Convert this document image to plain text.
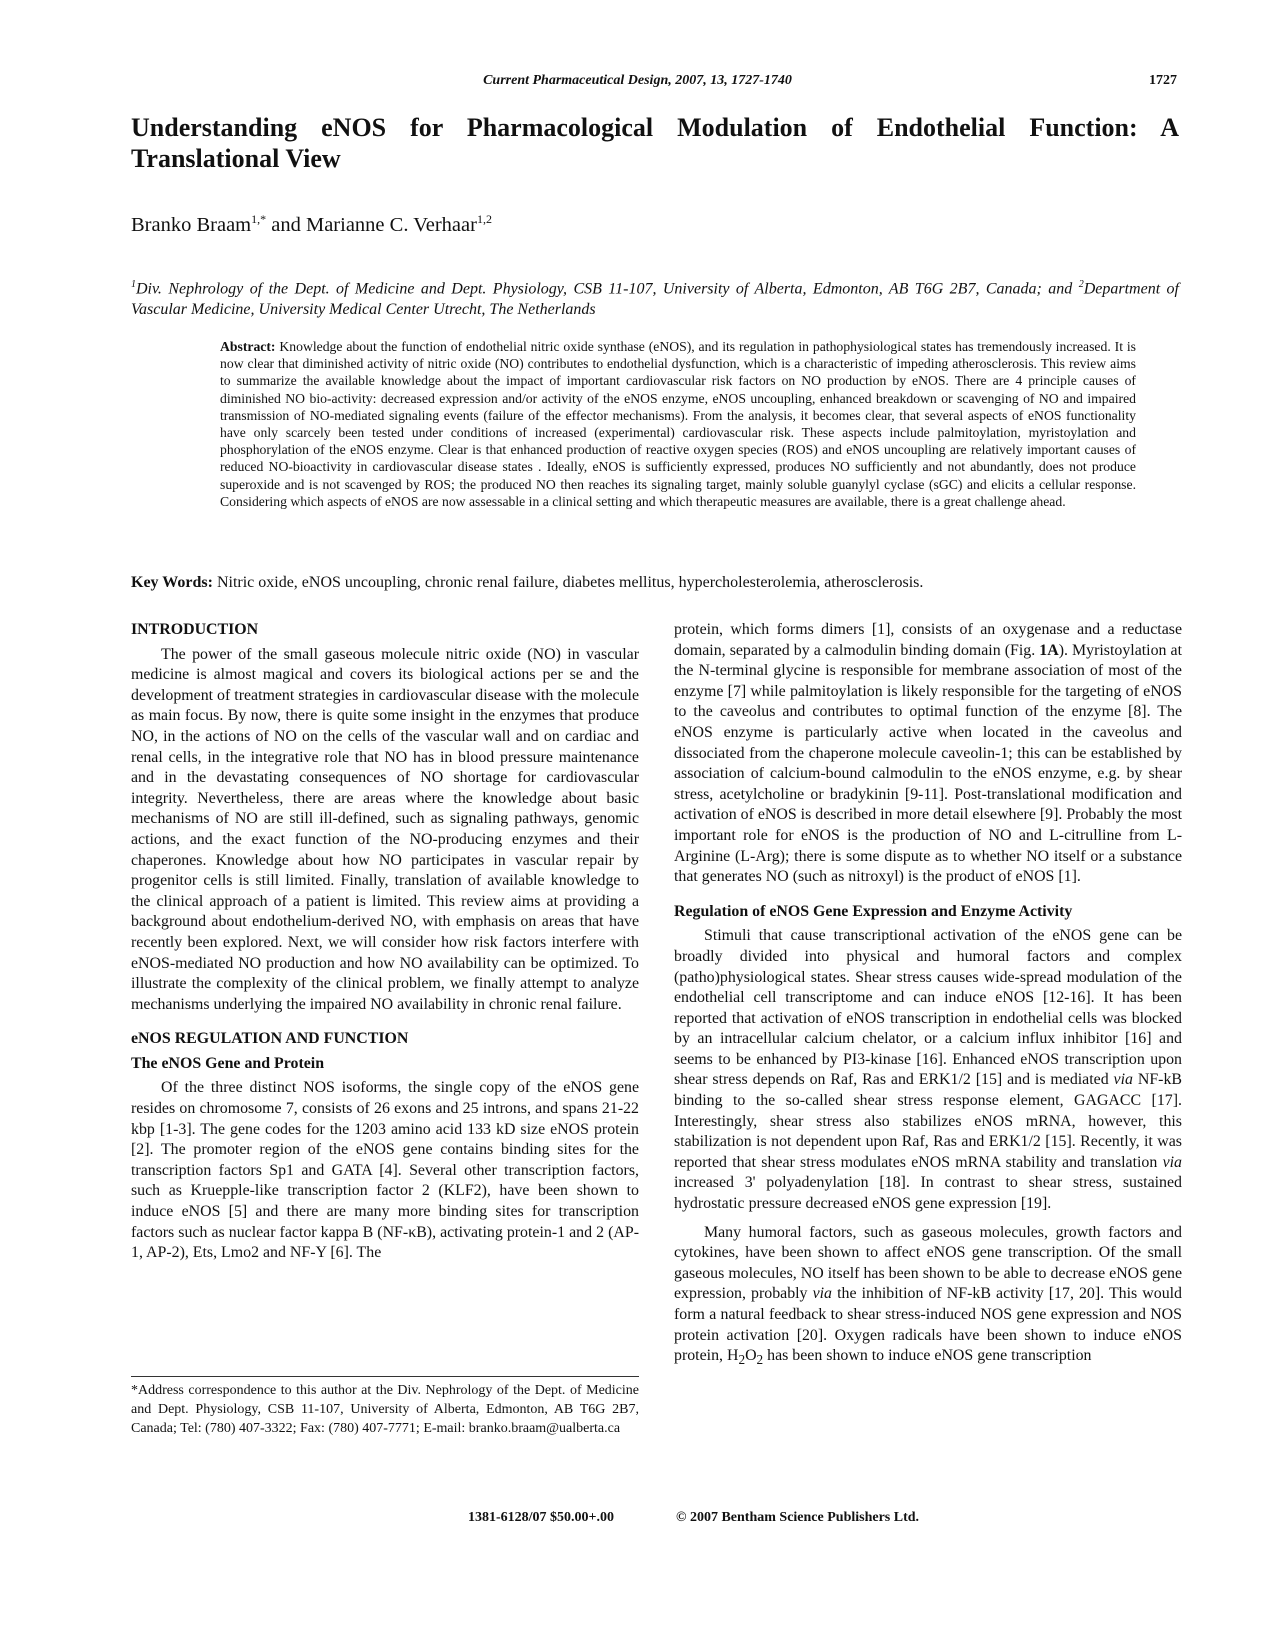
Current Pharmaceutical Design, 2007, 13, 1727-1740	1727
Understanding eNOS for Pharmacological Modulation of Endothelial Function: A Translational View
Branko Braam$^{1,*}$ and Marianne C. Verhaar$^{1,2}$
$^1$Div. Nephrology of the Dept. of Medicine and Dept. Physiology, CSB 11-107, University of Alberta, Edmonton, AB T6G 2B7, Canada; and $^2$Department of Vascular Medicine, University Medical Center Utrecht, The Netherlands
Abstract: Knowledge about the function of endothelial nitric oxide synthase (eNOS), and its regulation in pathophysiological states has tremendously increased. It is now clear that diminished activity of nitric oxide (NO) contributes to endothelial dysfunction, which is a characteristic of impeding atherosclerosis. This review aims to summarize the available knowledge about the impact of important cardiovascular risk factors on NO production by eNOS. There are 4 principle causes of diminished NO bio-activity: decreased expression and/or activity of the eNOS enzyme, eNOS uncoupling, enhanced breakdown or scavenging of NO and impaired transmission of NO-mediated signaling events (failure of the effector mechanisms). From the analysis, it becomes clear, that several aspects of eNOS functionality have only scarcely been tested under conditions of increased (experimental) cardiovascular risk. These aspects include palmitoylation, myristoylation and phosphorylation of the eNOS enzyme. Clear is that enhanced production of reactive oxygen species (ROS) and eNOS uncoupling are relatively important causes of reduced NO-bioactivity in cardiovascular disease states . Ideally, eNOS is sufficiently expressed, produces NO sufficiently and not abundantly, does not produce superoxide and is not scavenged by ROS; the produced NO then reaches its signaling target, mainly soluble guanylyl cyclase (sGC) and elicits a cellular response. Considering which aspects of eNOS are now assessable in a clinical setting and which therapeutic measures are available, there is a great challenge ahead.
Key Words: Nitric oxide, eNOS uncoupling, chronic renal failure, diabetes mellitus, hypercholesterolemia, atherosclerosis.
INTRODUCTION

The power of the small gaseous molecule nitric oxide (NO) in vascular medicine is almost magical and covers its biological actions per se and the development of treatment strategies in cardiovascular disease with the molecule as main focus. By now, there is quite some insight in the enzymes that produce NO, in the actions of NO on the cells of the vascular wall and on cardiac and renal cells, in the integrative role that NO has in blood pressure maintenance and in the devastating consequences of NO shortage for cardiovascular integrity. Nevertheless, there are areas where the knowledge about basic mechanisms of NO are still ill-defined, such as signaling pathways, genomic actions, and the exact function of the NO-producing enzymes and their chaperones. Knowledge about how NO participates in vascular repair by progenitor cells is still limited. Finally, translation of available knowledge to the clinical approach of a patient is limited. This review aims at providing a background about endothelium-derived NO, with emphasis on areas that have recently been explored. Next, we will consider how risk factors interfere with eNOS-mediated NO production and how NO availability can be optimized. To illustrate the complexity of the clinical problem, we finally attempt to analyze mechanisms underlying the impaired NO availability in chronic renal failure.

eNOS REGULATION AND FUNCTION
The eNOS Gene and Protein

Of the three distinct NOS isoforms, the single copy of the eNOS gene resides on chromosome 7, consists of 26 exons and 25 introns, and spans 21-22 kbp [1-3]. The gene codes for the 1203 amino acid 133 kD size eNOS protein [2]. The promoter region of the eNOS gene contains binding sites for the transcription factors Sp1 and GATA [4]. Several other transcription factors, such as Kruepple-like transcription factor 2 (KLF2), have been shown to induce eNOS [5] and there are many more binding sites for transcription factors such as nuclear factor kappa B (NF-κB), activating protein-1 and 2 (AP-1, AP-2), Ets, Lmo2 and NF-Y [6]. The

*Address correspondence to this author at the Div. Nephrology of the Dept. of Medicine and Dept. Physiology, CSB 11-107, University of Alberta, Edmonton, AB T6G 2B7, Canada; Tel: (780) 407-3322; Fax: (780) 407-7771; E-mail: branko.braam@ualberta.ca

protein, which forms dimers [1], consists of an oxygenase and a reductase domain, separated by a calmodulin binding domain (Fig. 1A). Myristoylation at the N-terminal glycine is responsible for membrane association of most of the enzyme [7] while palmitoylation is likely responsible for the targeting of eNOS to the caveolus and contributes to optimal function of the enzyme [8]. The eNOS enzyme is particularly active when located in the caveolus and dissociated from the chaperone molecule caveolin-1; this can be established by association of calcium-bound calmodulin to the eNOS enzyme, e.g. by shear stress, acetylcholine or bradykinin [9-11]. Post-translational modification and activation of eNOS is described in more detail elsewhere [9]. Probably the most important role for eNOS is the production of NO and L-citrulline from L-Arginine (L-Arg); there is some dispute as to whether NO itself or a substance that generates NO (such as nitroxyl) is the product of eNOS [1].

Regulation of eNOS Gene Expression and Enzyme Activity

Stimuli that cause transcriptional activation of the eNOS gene can be broadly divided into physical and humoral factors and complex (patho)physiological states. Shear stress causes wide-spread modulation of the endothelial cell transcriptome and can induce eNOS [12-16]. It has been reported that activation of eNOS transcription in endothelial cells was blocked by an intracellular calcium chelator, or a calcium influx inhibitor [16] and seems to be enhanced by PI3-kinase [16]. Enhanced eNOS transcription upon shear stress depends on Raf, Ras and ERK1/2 [15] and is mediated via NF-kB binding to the so-called shear stress response element, GAGACC [17]. Interestingly, shear stress also stabilizes eNOS mRNA, however, this stabilization is not dependent upon Raf, Ras and ERK1/2 [15]. Recently, it was reported that shear stress modulates eNOS mRNA stability and translation via increased 3' polyadenylation [18]. In contrast to shear stress, sustained hydrostatic pressure decreased eNOS gene expression [19].

Many humoral factors, such as gaseous molecules, growth factors and cytokines, have been shown to affect eNOS gene transcription. Of the small gaseous molecules, NO itself has been shown to be able to decrease eNOS gene expression, probably via the inhibition of NF-kB activity [17, 20]. This would form a natural feedback to shear stress-induced NOS gene expression and NOS protein activation [20]. Oxygen radicals have been shown to induce eNOS protein, $H_2O_2$ has been shown to induce eNOS gene transcription

1381-6128/07 $50.00+.00	© 2007 Bentham Science Publishers Ltd.
